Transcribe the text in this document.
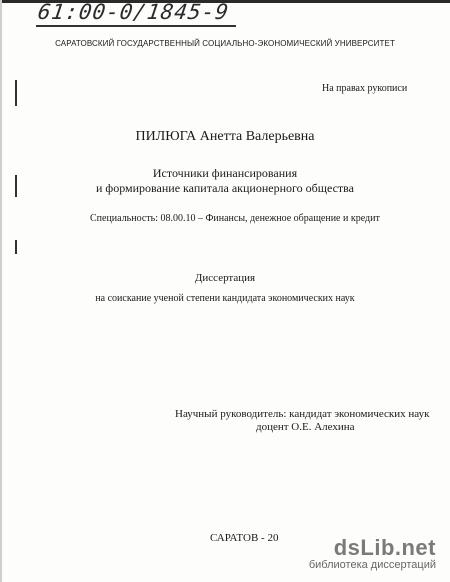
61:00-0/1845-9
САРАТОВСКИЙ ГОСУДАРСТВЕННЫЙ СОЦИАЛЬНО-ЭКОНОМИЧЕСКИЙ УНИВЕРСИТЕТ
На правах рукописи
ПИЛЮГА Анетта Валерьевна
Источники финансирования
и формирование капитала акционерного общества
Специальность: 08.00.10 – Финансы, денежное обращение и кредит
Диссертация
на соискание ученой степени кандидата экономических наук
Научный руководитель: кандидат экономических наук
доцент О.Е. Алехина
САРАТОВ - 20	dsLib.net
библиотека диссертаций
